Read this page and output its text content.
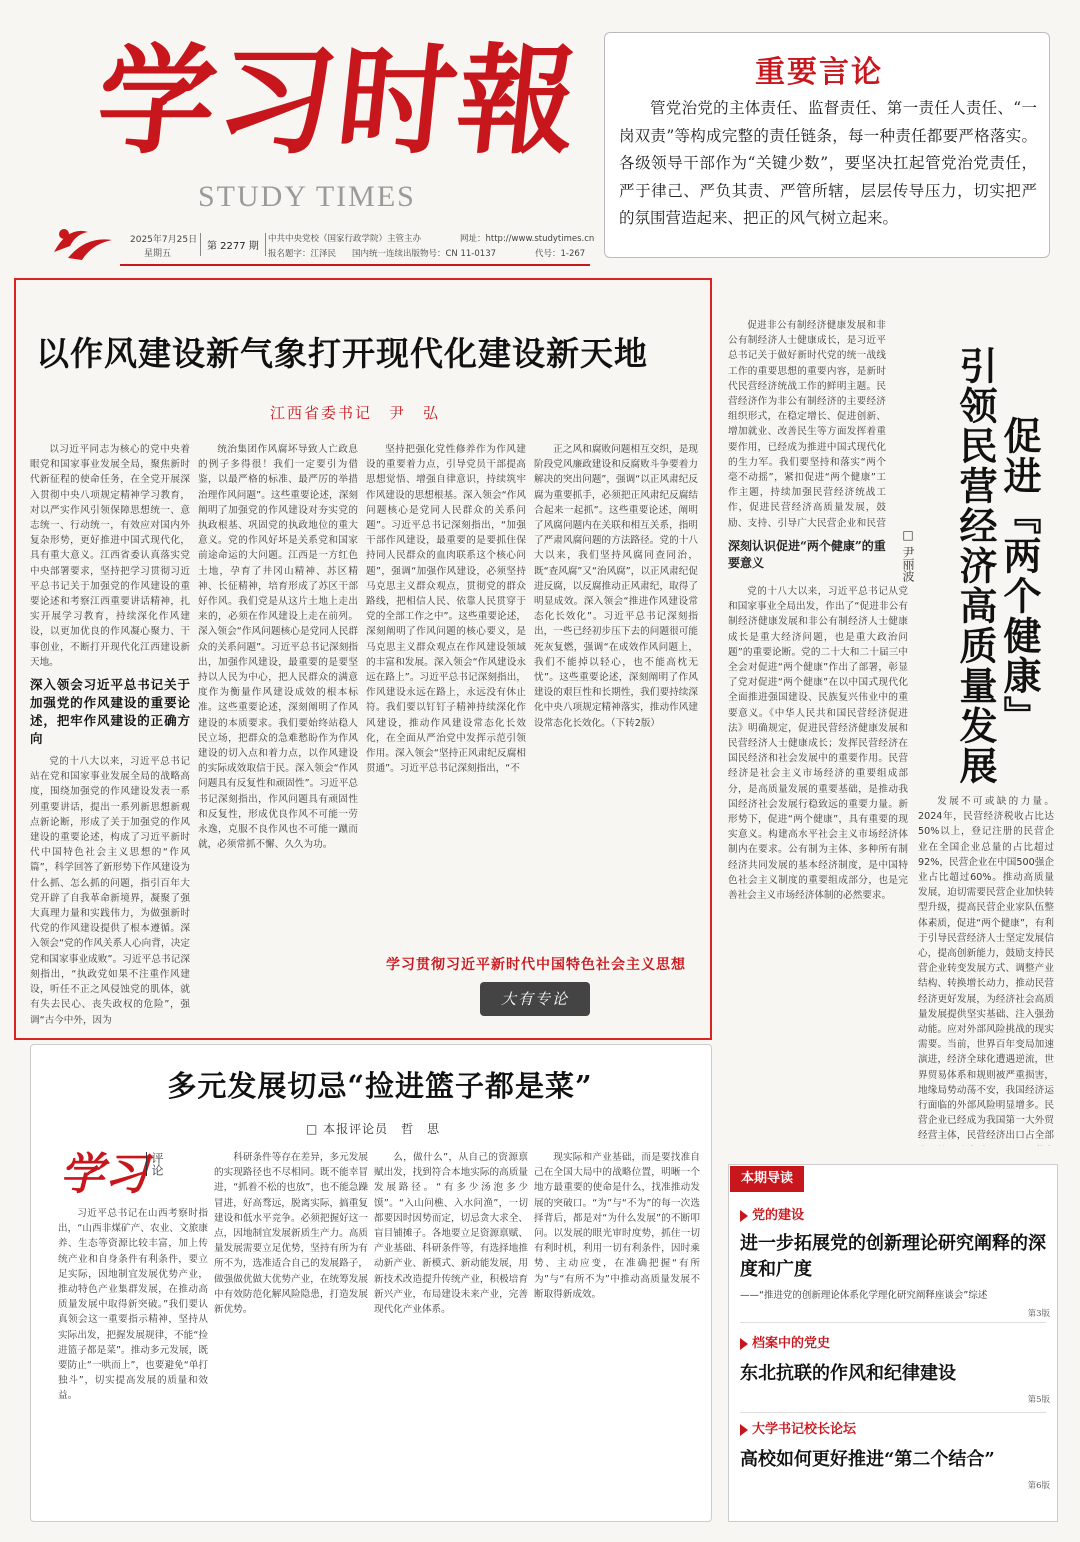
学习时報
STUDY TIMES
2025年7月25日
星期五
第 2277 期
中共中央党校（国家行政学院）主管主办	网址：http://www.studytimes.cn
报名题字：江泽民 国内统一连续出版物号：CN 11-0137	代号：1-267
重要言论
管党治党的主体责任、监督责任、第一责任人责任、“一岗双责”等构成完整的责任链条，每一种责任都要严格落实。各级领导干部作为“关键少数”，要坚决扛起管党治党责任，严于律己、严负其责、严管所辖，层层传导压力，切实把严的氛围营造起来、把正的风气树立起来。
以作风建设新气象打开现代化建设新天地
江西省委书记　尹　弘

以习近平同志为核心的党中央着眼党和国家事业发展全局，聚焦新时代新征程的使命任务，在全党开展深入贯彻中央八项规定精神学习教育，对以严实作风引领保障思想统一、意志统一、行动统一，有效应对国内外复杂形势，更好推进中国式现代化，具有重大意义。江西省委认真落实党中央部署要求，坚持把学习贯彻习近平总书记关于加强党的作风建设的重要论述和考察江西重要讲话精神，扎实开展学习教育，持续深化作风建设，以更加优良的作风凝心聚力、干事创业，不断打开现代化江西建设新天地。

深入领会习近平总书记关于加强党的作风建设的重要论述，把牢作风建设的正确方向

党的十八大以来，习近平总书记站在党和国家事业发展全局的战略高度，围绕加强党的作风建设发表一系列重要讲话，提出一系列新思想新观点新论断，形成了关于加强党的作风建设的重要论述，构成了习近平新时代中国特色社会主义思想的“作风篇”，科学回答了新形势下作风建设为什么抓、怎么抓的问题，指引百年大党开辟了自我革命新境界，凝聚了强大真理力量和实践伟力，为做强新时代党的作风建设提供了根本遵循。深入领会“党的作风关系人心向背，决定党和国家事业成败”。习近平总书记深刻指出，“执政党如果不注重作风建设，听任不正之风侵蚀党的肌体，就有失去民心、丧失政权的危险”，强调“古今中外，因为

统治集团作风腐坏导致人亡政息的例子多得很！我们一定要引为借鉴，以最严格的标准、最严厉的举措治理作风问题”。这些重要论述，深刻阐明了加强党的作风建设对夯实党的执政根基、巩固党的执政地位的重大意义。党的作风好坏是关系党和国家前途命运的大问题。江西是一方红色土地，孕育了井冈山精神、苏区精神、长征精神，培育形成了苏区干部好作风。我们党是从这片土地上走出来的，必须在作风建设上走在前列。深入领会“作风问题核心是党同人民群众的关系问题”。习近平总书记深刻指出，加强作风建设，最重要的是要坚持以人民为中心，把人民群众的满意度作为衡量作风建设成效的根本标准。这些重要论述，深刻阐明了作风建设的本质要求。我们要始终站稳人民立场，把群众的急难愁盼作为作风建设的切入点和着力点，以作风建设的实际成效取信于民。深入领会“作风问题具有反复性和顽固性”。习近平总书记深刻指出，作风问题具有顽固性和反复性，形成优良作风不可能一劳永逸，克服不良作风也不可能一蹴而就，必须常抓不懈、久久为功。

坚持把强化党性修养作为作风建设的重要着力点，引导党员干部提高思想觉悟、增强自律意识，持续筑牢作风建设的思想根基。深入领会“作风问题核心是党同人民群众的关系问题”。习近平总书记深刻指出，“加强干部作风建设，最重要的是要抓住保持同人民群众的血肉联系这个核心问题”，强调“加强作风建设，必须坚持马克思主义群众观点，贯彻党的群众路线，把相信人民、依靠人民贯穿于党的全部工作之中”。这些重要论述，深刻阐明了作风问题的核心要义，是马克思主义群众观点在作风建设领域的丰富和发展。深入领会“作风建设永远在路上”。习近平总书记深刻指出，作风建设永远在路上，永远没有休止符。我们要以钉钉子精神持续深化作风建设，推动作风建设常态化长效化，在全面从严治党中发挥示范引领作用。深入领会“坚持正风肃纪反腐相贯通”。习近平总书记深刻指出，“不

正之风和腐败问题相互交织，是现阶段党风廉政建设和反腐败斗争要着力解决的突出问题”，强调“以正风肃纪反腐为重要抓手，必须把正风肃纪反腐结合起来一起抓”。这些重要论述，阐明了风腐问题内在关联和相互关系，指明了严肃风腐问题的方法路径。党的十八大以来，我们坚持风腐同查同治，既“查风腐”又“治风腐”，以正风肃纪促进反腐，以反腐推动正风肃纪，取得了明显成效。深入领会“推进作风建设常态化长效化”。习近平总书记深刻指出，一些已经初步压下去的问题很可能死灰复燃，强调“在成效作风问题上，我们不能掉以轻心，也不能高枕无忧”。这些重要论述，深刻阐明了作风建设的艰巨性和长期性，我们要持续深化中央八项规定精神落实，推动作风建设常态化长效化。（下转2版）

学习贯彻习近平新时代中国特色社会主义思想
大有专论

促进非公有制经济健康发展和非公有制经济人士健康成长，是习近平总书记关于做好新时代党的统一战线工作的重要思想的重要内容，是新时代民营经济统战工作的鲜明主题。民营经济作为非公有制经济的主要经济组织形式，在稳定增长、促进创新、增加就业、改善民生等方面发挥着重要作用，已经成为推进中国式现代化的生力军。我们要坚持和落实“两个毫不动摇”，紧扣促进“两个健康”工作主题，持续加强民营经济统战工作，促进民营经济高质量发展，鼓励、支持、引导广大民营企业和民营 引领民营经济高质量发展 促进『两个健康』
□ 尹丽波
深刻认识促进“两个健康”的重要意义

党的十八大以来，习近平总书记从党和国家事业全局出发，作出了“促进非公有制经济健康发展和非公有制经济人士健康成长是重大经济问题，也是重大政治问题”的重要论断。党的二十大和二十届三中全会对促进“两个健康”作出了部署，彰显了党对促进“两个健康”在以中国式现代化全面推进强国建设、民族复兴伟业中的重要意义。《中华人民共和国民营经济促进法》明确规定，促进民营经济健康发展和民营经济人士健康成长；发挥民营经济在国民经济和社会发展中的重要作用。民营经济是社会主义市场经济的重要组成部分，是高质量发展的重要基础，是推动我国经济社会发展行稳致远的重要力量。新形势下，促进“两个健康”，具有重要的现实意义。构建高水平社会主义市场经济体制内在要求。公有制为主体、多种所有制经济共同发展的基本经济制度，是中国特色社会主义制度的重要组成部分，也是完善社会主义市场经济体制的必然要求。

发展不可或缺的力量。2024年，民营经济税收占比达50%以上，登记注册的民营企业在全国企业总量的占比超过92%，民营企业在中国500强企业占比超过60%。推动高质量发展，迫切需要民营企业加快转型升级，提高民营企业家队伍整体素质，促进“两个健康”，有利于引导民营经济人士坚定发展信心，提高创新能力，鼓励支持民营企业转变发展方式、调整产业结构、转换增长动力，推动民营经济更好发展，为经济社会高质量发展提供坚实基础、注入强劲动能。应对外部风险挑战的现实需要。当前，世界百年变局加速演进，经济全球化遭遇逆流，世界贸易体系和规则被严重损害，地缘局势动荡不安，我国经济运行面临的外部风险明显增多。民营企业已经成为我国第一大外贸经营主体，民营经济出口占全部

多元发展切忌“捡进篮子都是菜”
□ 本报评论员　哲　思
学习 评论

习近平总书记在山西考察时指出，“山西非煤矿产、农业、文旅康养、生态等资源比较丰富，加上传统产业和自身条件有利条件，要立足实际，因地制宜发展优势产业，推动特色产业集群发展，在推动高质量发展中取得新突破。”我们要认真领会这一重要指示精神，坚持从实际出发，把握发展规律，不能“捡进篮子都是菜”。推动多元发展，既要防止“一哄而上”，也要避免“单打独斗”，切实提高发展的质量和效益。

科研条件等存在差异，多元发展的实现路径也不尽相同。既不能幸冒进，“抓着不松的也放”，也不能急躁冒进，好高骛远，脱离实际，搞重复建设和低水平竞争。必须把握好这一点，因地制宜发展新质生产力。高质量发展需要立足优势，坚持有所为有所不为，选准适合自己的发展路子，做强做优做大优势产业，在统筹发展中有效防范化解风险隐患，打造发展新优势。

么，做什么”，从自己的资源禀赋出发，找到符合本地实际的高质量发展路径。“有多少汤泡多少馍”。“入山问樵、入水问渔”，一切都要因时因势而定，切忌贪大求全、盲目铺摊子。各地要立足资源禀赋、产业基础、科研条件等，有选择地推动新产业、新模式、新动能发展，用新技术改造提升传统产业，积极培育新兴产业，布局建设未来产业，完善现代化产业体系。

现实际和产业基础，而是要找准自己在全国大局中的战略位置，明晰一个地方最重要的使命是什么，找准推动发展的突破口。“为”与“不为”的每一次选择背后，都是对“为什么发展”的不断叩问。以发展的眼光审时度势，抓住一切有利时机，利用一切有利条件，因时乘势、主动应变，在准确把握“有所为”与“有所不为”中推动高质量发展不断取得新成效。

本期导读
党的建设
进一步拓展党的创新理论研究阐释的深度和广度
——“推进党的创新理论体系化学理化研究阐释座谈会”综述
第3版
档案中的党史
东北抗联的作风和纪律建设
第5版
大学书记校长论坛
高校如何更好推进“第二个结合”
第6版
